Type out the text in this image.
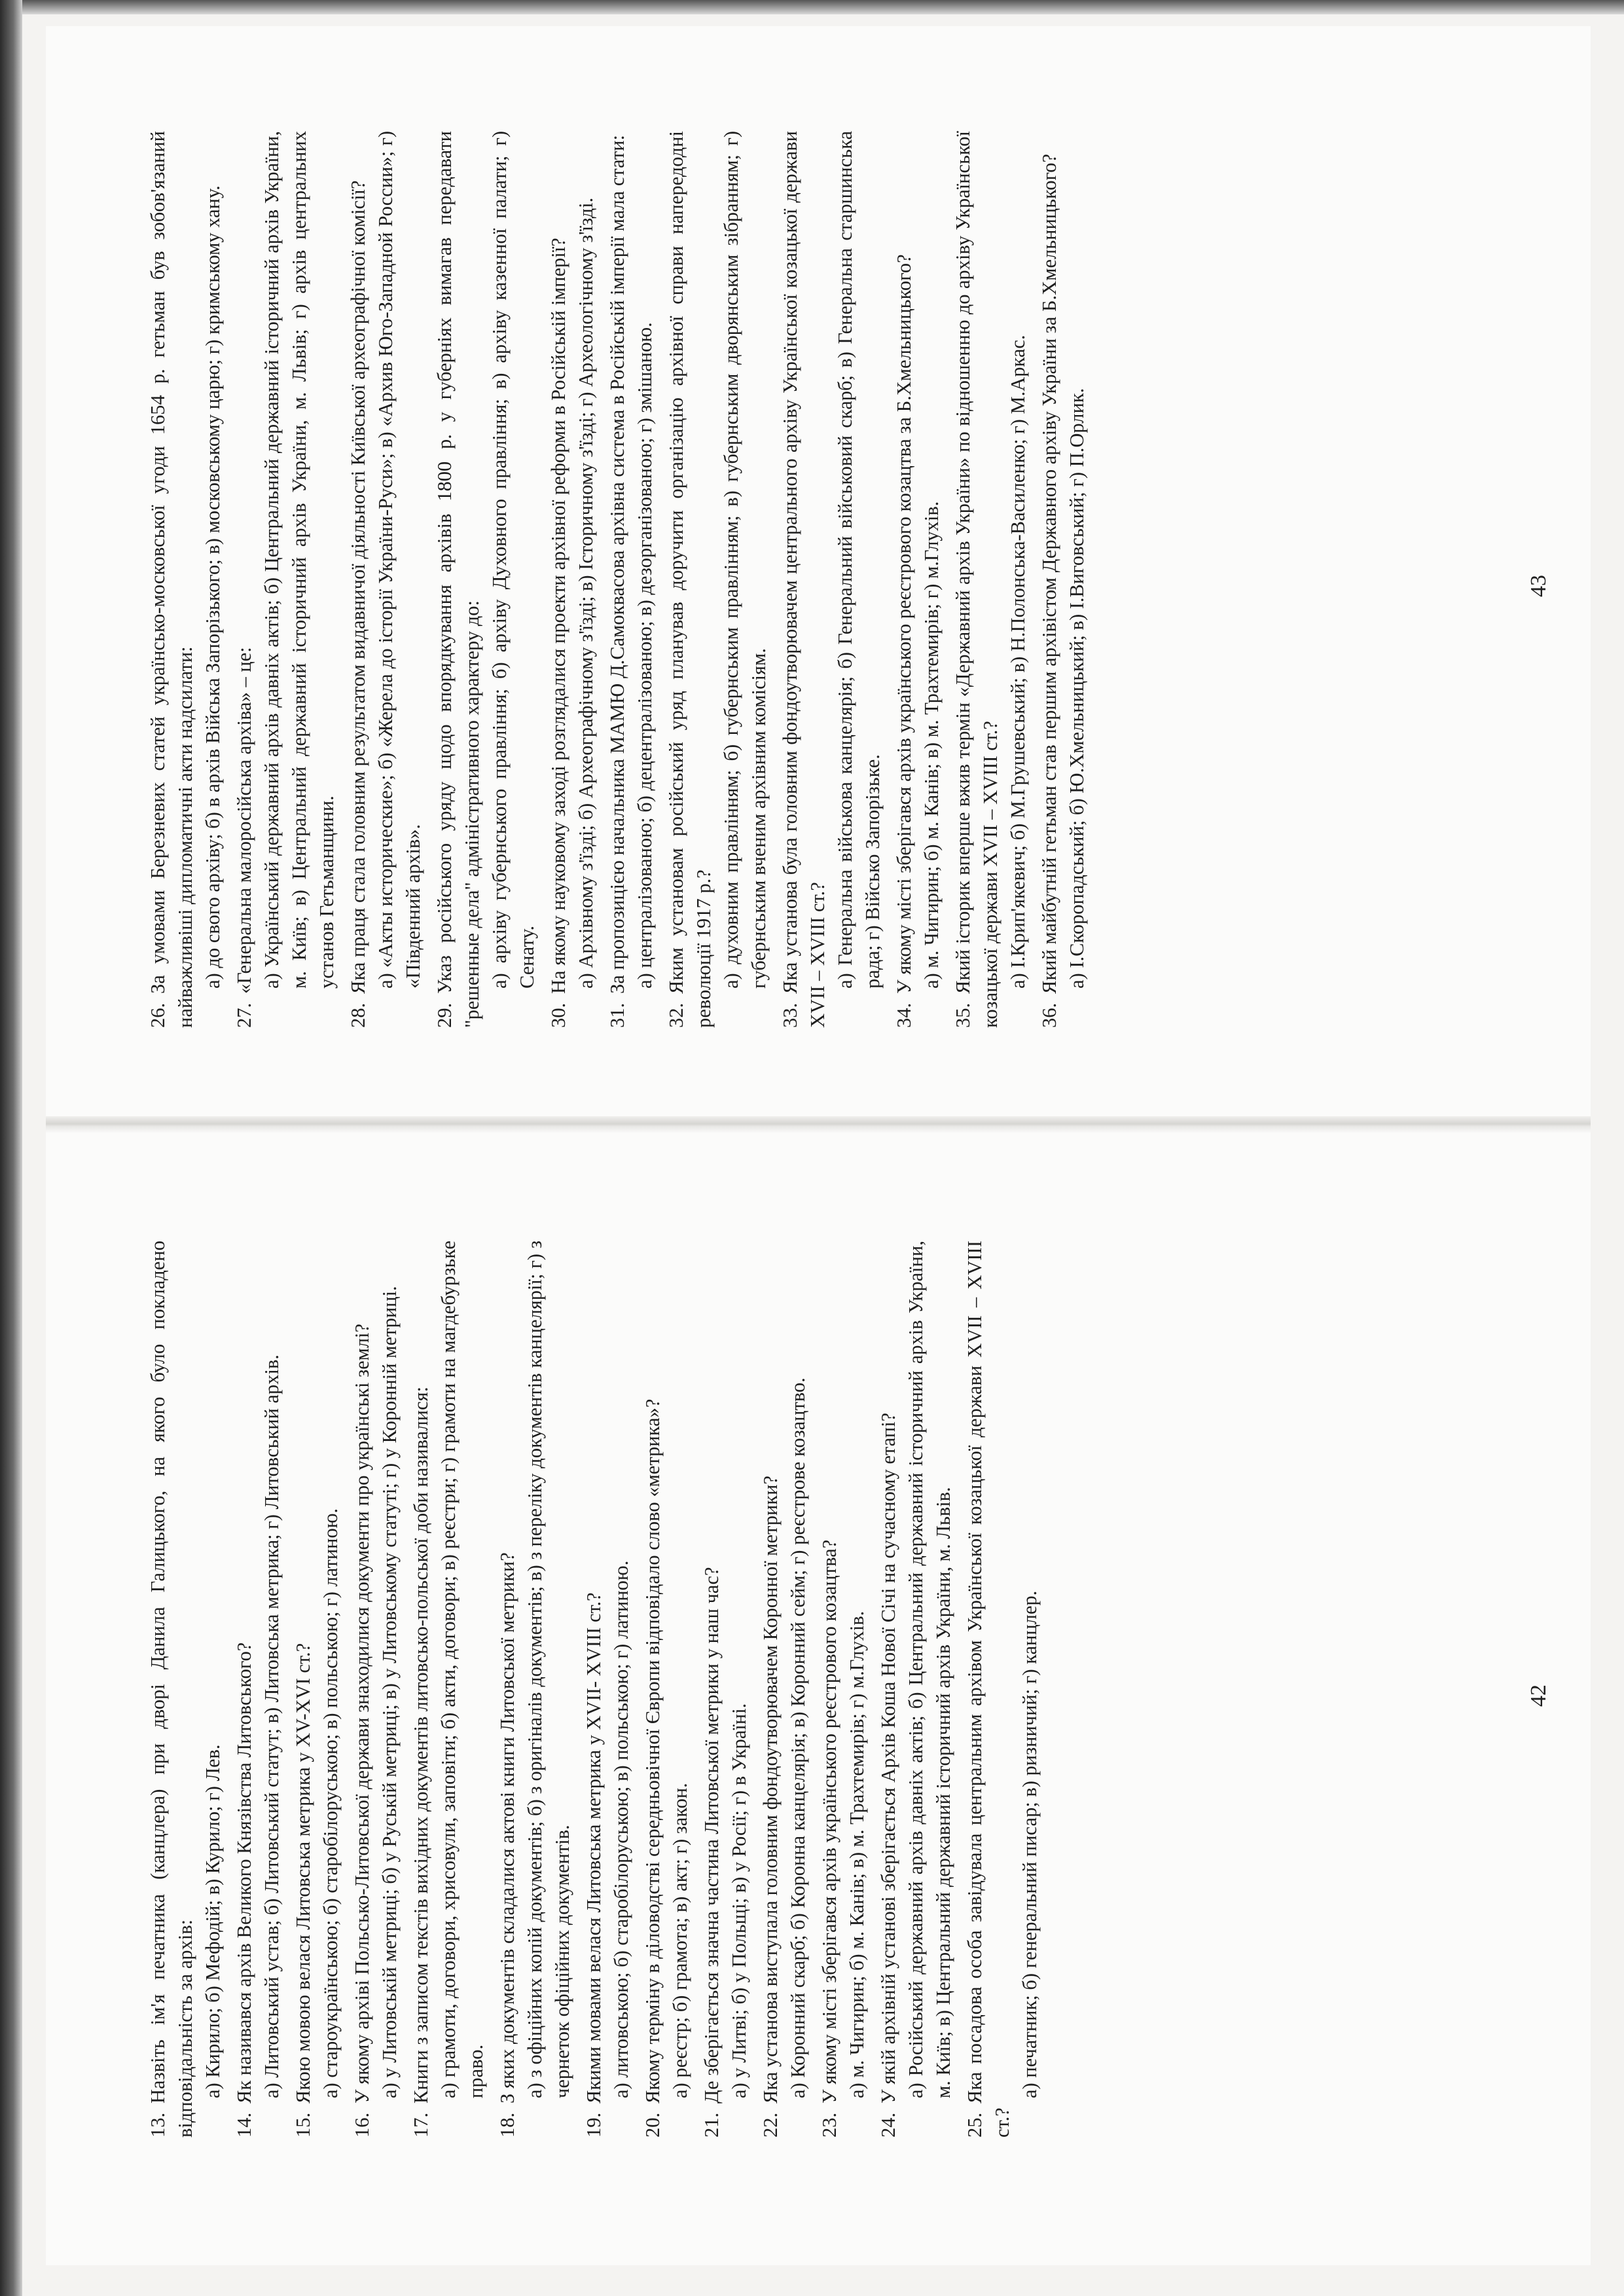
26.За умовами Березневих статей українсько-московської угоди 1654 р. гетьман був зобов'язаний найважливіші дипломатичні акти надсилати: а) до свого архіву; б) в архів Війська Запорізького; в) московському царю; г) кримському хану.
27.«Генеральна малоросійська архіва» – це: а) Український державний архів давніх актів; б) Центральний державний історичний архів України, м. Київ; в) Центральний державний історичний архів України, м. Львів; г) архів центральних установ Гетьманщини.
28.Яка праця стала головним результатом видавничої діяльності Київської археографічної комісії? а) «Акты исторические»; б) «Жерела до історії України-Руси»; в) «Архив Юго-Западной России»; г) «Південний архів».
29.Указ російського уряду щодо впорядкування архівів 1800 р. у губерніях вимагав передавати "решенные дела" адміністративного характеру до: а) архіву губернського правління; б) архіву Духовного правління; в) архіву казенної палати; г) Сенату.
30.На якому науковому заході розглядалися проекти архівної реформи в Російській імперії? а) Архівному з'їзді; б) Археографічному з'їзді; в) Історичному з'їзді; г) Археологічному з'їзді.
31.За пропозицією начальника МАМЮ Д.Самоквасова архівна система в Російській імперії мала стати: а) централізованою; б) децентралізованою; в) дезорганізованою; г) змішаною.
32.Яким установам російський уряд планував доручити організацію архівної справи напередодні революції 1917 р.? а) духовним правлінням; б) губернським правлінням; в) губернським дворянським зібранням; г) губернським вченим архівним комісіям.
33.Яка установа була головним фондоутворювачем центрального архіву Української козацької держави XVII – XVIII ст.? а) Генеральна військова канцелярія; б) Генеральний військовий скарб; в) Генеральна старшинська рада; г) Військо Запорізьке.
34.У якому місті зберігався архів українського реєстрового козацтва за Б.Хмельницького? а) м. Чигирин; б) м. Канів; в) м. Трахтемирів; г) м.Глухів.
35.Який історик вперше вжив термін «Державний архів України» по відношенню до архіву Української козацької держави XVII – XVIII ст.? а) І.Крип'якевич; б) М.Грушевський; в) Н.Полонська-Василенко; г) М.Аркас.
36.Який майбутній гетьман став першим архівістом Державного архіву України за Б.Хмельницького? а) І.Скоропадський; б) Ю.Хмельницький; в) І.Виговський; г) П.Орлик.	43
13.Назвіть ім'я печатника (канцлера) при дворі Данила Галицького, на якого було покладено відповідальність за архів: а) Кирило; б) Мефодій; в) Курило; г) Лев.
14.Як називався архів Великого Князівства Литовського? а) Литовський устав; б) Литовський статут; в) Литовська метрика; г) Литовський архів.
15.Якою мовою велася Литовська метрика у XV-XVI ст.? а) староукраїнською; б) старобілоруською; в) польською; г) латиною.
16.У якому архіві Польсько-Литовської держави знаходилися документи про українські землі? а) у Литовській метриці; б) у Руській метриці; в) у Литовському статуті; г) у Коронній метриці.
17.Книги з записом текстів вихідних документів литовсько-польської доби називалися: а) грамоти, договори, хрисовули, заповіти; б) акти, договори; в) реєстри; г) грамоти на магдебурзьке право.
18.З яких документів складалися актові книги Литовської метрики? а) з офіційних копій документів; б) з оригіналів документів; в) з переліку документів канцелярії; г) з чернеток офіційних документів.
19.Якими мовами велася Литовська метрика у XVII- XVIII ст.? а) литовською; б) старобілоруською; в) польською; г) латиною.
20.Якому терміну в діловодстві середньовічної Європи відповідало слово «метрика»? а) реєстр; б) грамота; в) акт; г) закон.
21.Де зберігається значна частина Литовської метрики у наш час? а) у Литві; б) у Польщі; в) у Росії; г) в Україні.
22.Яка установа виступала головним фондоутворювачем Коронної метрики? а) Коронний скарб; б) Коронна канцелярія; в) Коронний сейм; г) реєстрове козацтво.
23.У якому місті зберігався архів українського реєстрового козацтва? а) м. Чигирин; б) м. Канів; в) м. Трахтемирів; г) м.Глухів.
24.У якій архівній установі зберігається Архів Коша Нової Січі на сучасному етапі? а) Російський державний архів давніх актів; б) Центральний державний історичний архів України, м. Київ; в) Центральний державний історичний архів України, м. Львів.
25.Яка посадова особа завідувала центральним архівом Української козацької держави XVII – XVIII ст.?
а) печатник; б) генеральний писар; в) ризничий; г) канцлер.	42
